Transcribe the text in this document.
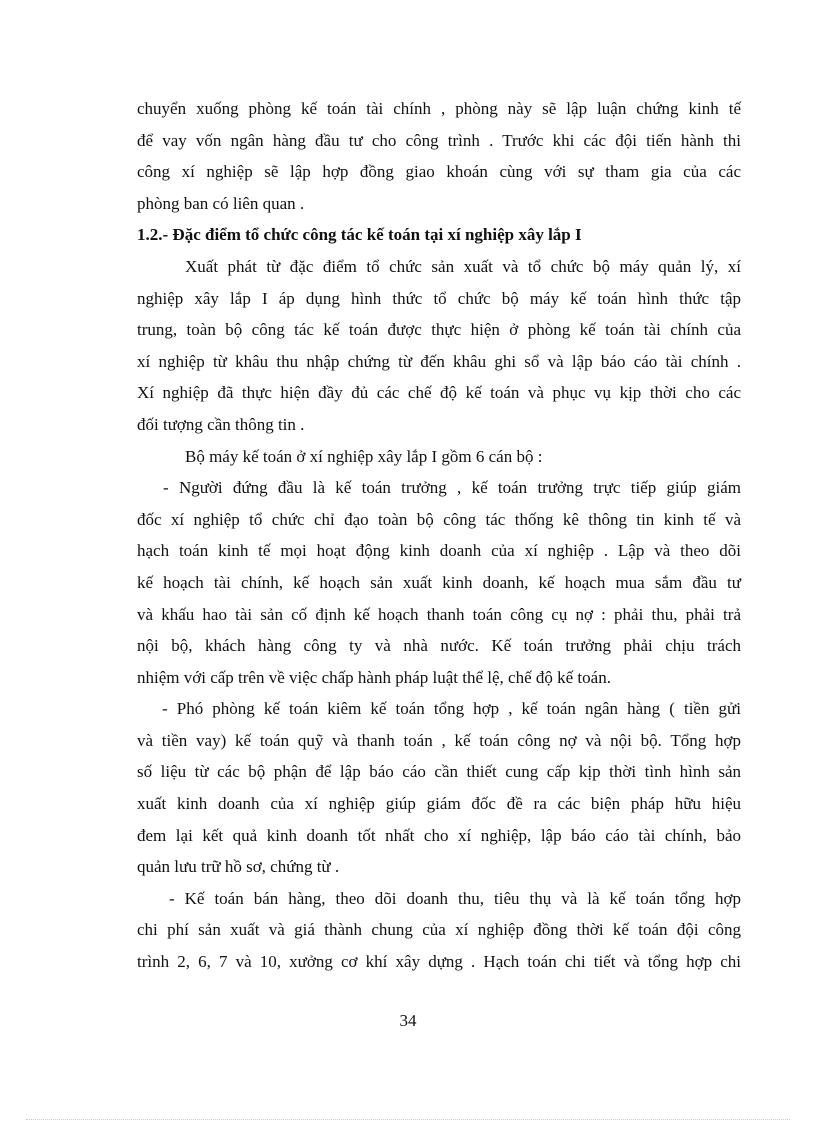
chuyển xuống phòng kế toán tài chính , phòng này sẽ lập luận chứng kinh tế
để vay vốn ngân hàng đầu tư cho công trình . Trước khi các đội tiến hành thi
công xí nghiệp sẽ lập hợp đồng giao khoán cùng với sự tham gia của các
phòng ban có liên quan .
1.2.- Đặc điểm tổ chức công tác kế toán tại xí nghiệp xây lắp I
Xuất phát từ đặc điểm tổ chức sản xuất và tổ chức bộ máy quản lý, xí
nghiệp xây lắp I áp dụng hình thức tổ chức bộ máy kế toán hình thức tập
trung, toàn bộ công tác kế toán được thực hiện ở phòng kế toán tài chính của
xí nghiệp từ khâu thu nhập chứng từ đến khâu ghi sổ và lập báo cáo tài chính .
Xí nghiệp đã thực hiện đầy đủ các chế độ kế toán và phục vụ kịp thời cho các
đối tượng cần thông tin .
Bộ máy kế toán ở xí nghiệp xây lắp I gồm 6 cán bộ :
- Người đứng đầu là kế toán trưởng , kế toán trưởng trực tiếp giúp giám
đốc xí nghiệp tổ chức chỉ đạo toàn bộ công tác thống kê thông tin kinh tế và
hạch toán kinh tế mọi hoạt động kinh doanh của xí nghiệp . Lập và theo dõi
kế hoạch tài chính, kế hoạch sản xuất kinh doanh, kế hoạch mua sắm đầu tư
và khấu hao tài sản cố định kế hoạch thanh toán công cụ nợ : phải thu, phải trả
nội bộ, khách hàng công ty và nhà nước. Kế toán trưởng phải chịu trách
nhiệm với cấp trên về việc chấp hành pháp luật thể lệ, chế độ kế toán.
- Phó phòng kế toán kiêm kế toán tổng hợp , kế toán ngân hàng ( tiền gửi
và tiền vay) kế toán quỹ và thanh toán , kế toán công nợ và nội bộ. Tổng hợp
số liệu từ các bộ phận để lập báo cáo cần thiết cung cấp kịp thời tình hình sản
xuất kinh doanh của xí nghiệp giúp giám đốc đề ra các biện pháp hữu hiệu
đem lại kết quả kinh doanh tốt nhất cho xí nghiệp, lập báo cáo tài chính, bảo
quản lưu trữ hồ sơ, chứng từ .
- Kế toán bán hàng, theo dõi doanh thu, tiêu thụ và là kế toán tổng hợp
chi phí sản xuất và giá thành chung của xí nghiệp đồng thời kế toán đội công
trình 2, 6, 7 và 10, xưởng cơ khí xây dựng . Hạch toán chi tiết và tổng hợp chi
34
